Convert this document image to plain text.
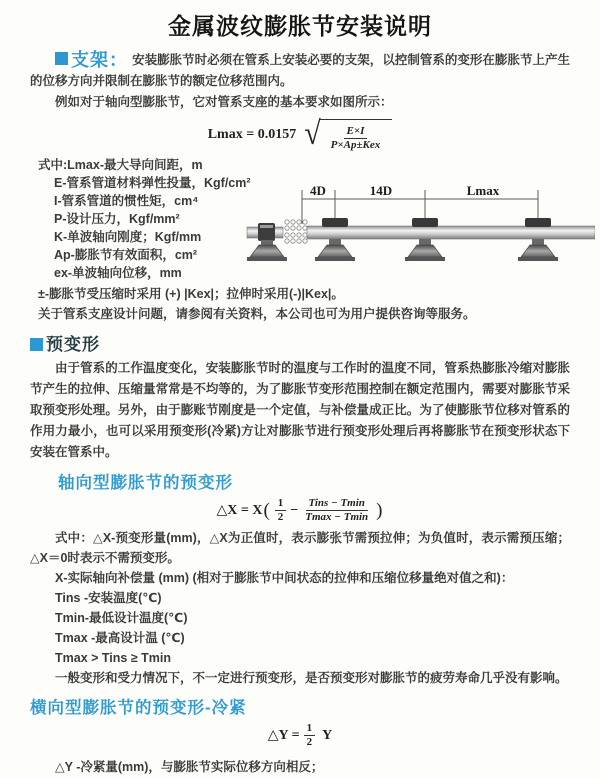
金属波纹膨胀节安装说明

支架： 安装膨胀节时必须在管系上安装必要的支架，以控制管系的变形在膨胀节上产生的位移方向并限制在膨胀节的额定位移范围内。

例如对于轴向型膨胀节，它对管系支座的基本要求如图所示：

Lmax = 0.0157 √ $\frac{E\times I}{\text{P×Ap±Kex}}$
式中:Lmax-最大导向间距，m
E-管系管道材料弹性投量，Kgf/cm²
I-管系管道的惯性矩，cm⁴
P-设计压力，Kgf/mm²
K-单波轴向刚度；Kgf/mm
Ap-膨胀节有效面积，cm²
ex-单波轴向位移，mm
4D	14D	Lmax

±-膨胀节受压缩时采用 (+) |Kex|；拉伸时采用(-)|Kex|。

关于管系支座设计问题，请参阅有关资料，本公司也可为用户提供咨询等服务。

预变形

由于管系的工作温度变化，安装膨胀节时的温度与工作时的温度不同，管系热膨胀冷缩对膨胀节产生的拉伸、压缩量常常是不均等的，为了膨胀节变形范围控制在额定范围内，需要对膨胀节采取预变形处理。另外，由于膨账节刚度是一个定值，与补偿量成正比。为了使膨胀节位移对管系的作用力最小，也可以采用预变形(冷紧)方让对膨胀节进行预变形处理后再将膨胀节在预变形状态下安装在管系中。

轴向型膨胀节的预变形
△X = X ( $\frac{1}{2} - \frac{\text{Tins − Tmin}}{Tmax - Tmin}$ )

式中：△X-预变形量(mm)，△X为正值时，表示膨张节需预拉伸；为负值时，表示需预压缩；△X＝0时表示不需预变形。

X-实际轴向补偿量 (mm) (相对于膨胀节中间状态的拉伸和压缩位移量绝对值之和)：

Tins -安装温度(℃)

Tmin-最低设计温度(℃)

Tmax -最高设计温 (℃)

Tmax > Tins ≥ Tmin

一般变形和受力情况下，不一定进行预变形，是否预变形对膨胀节的疲劳寿命几乎没有影响。

横向型膨胀节的预变形-冷紧
△Y = $\frac{1}{2}$ Y

△Y -冷紧量(mm)，与膨胀节实际位移方向相反；
